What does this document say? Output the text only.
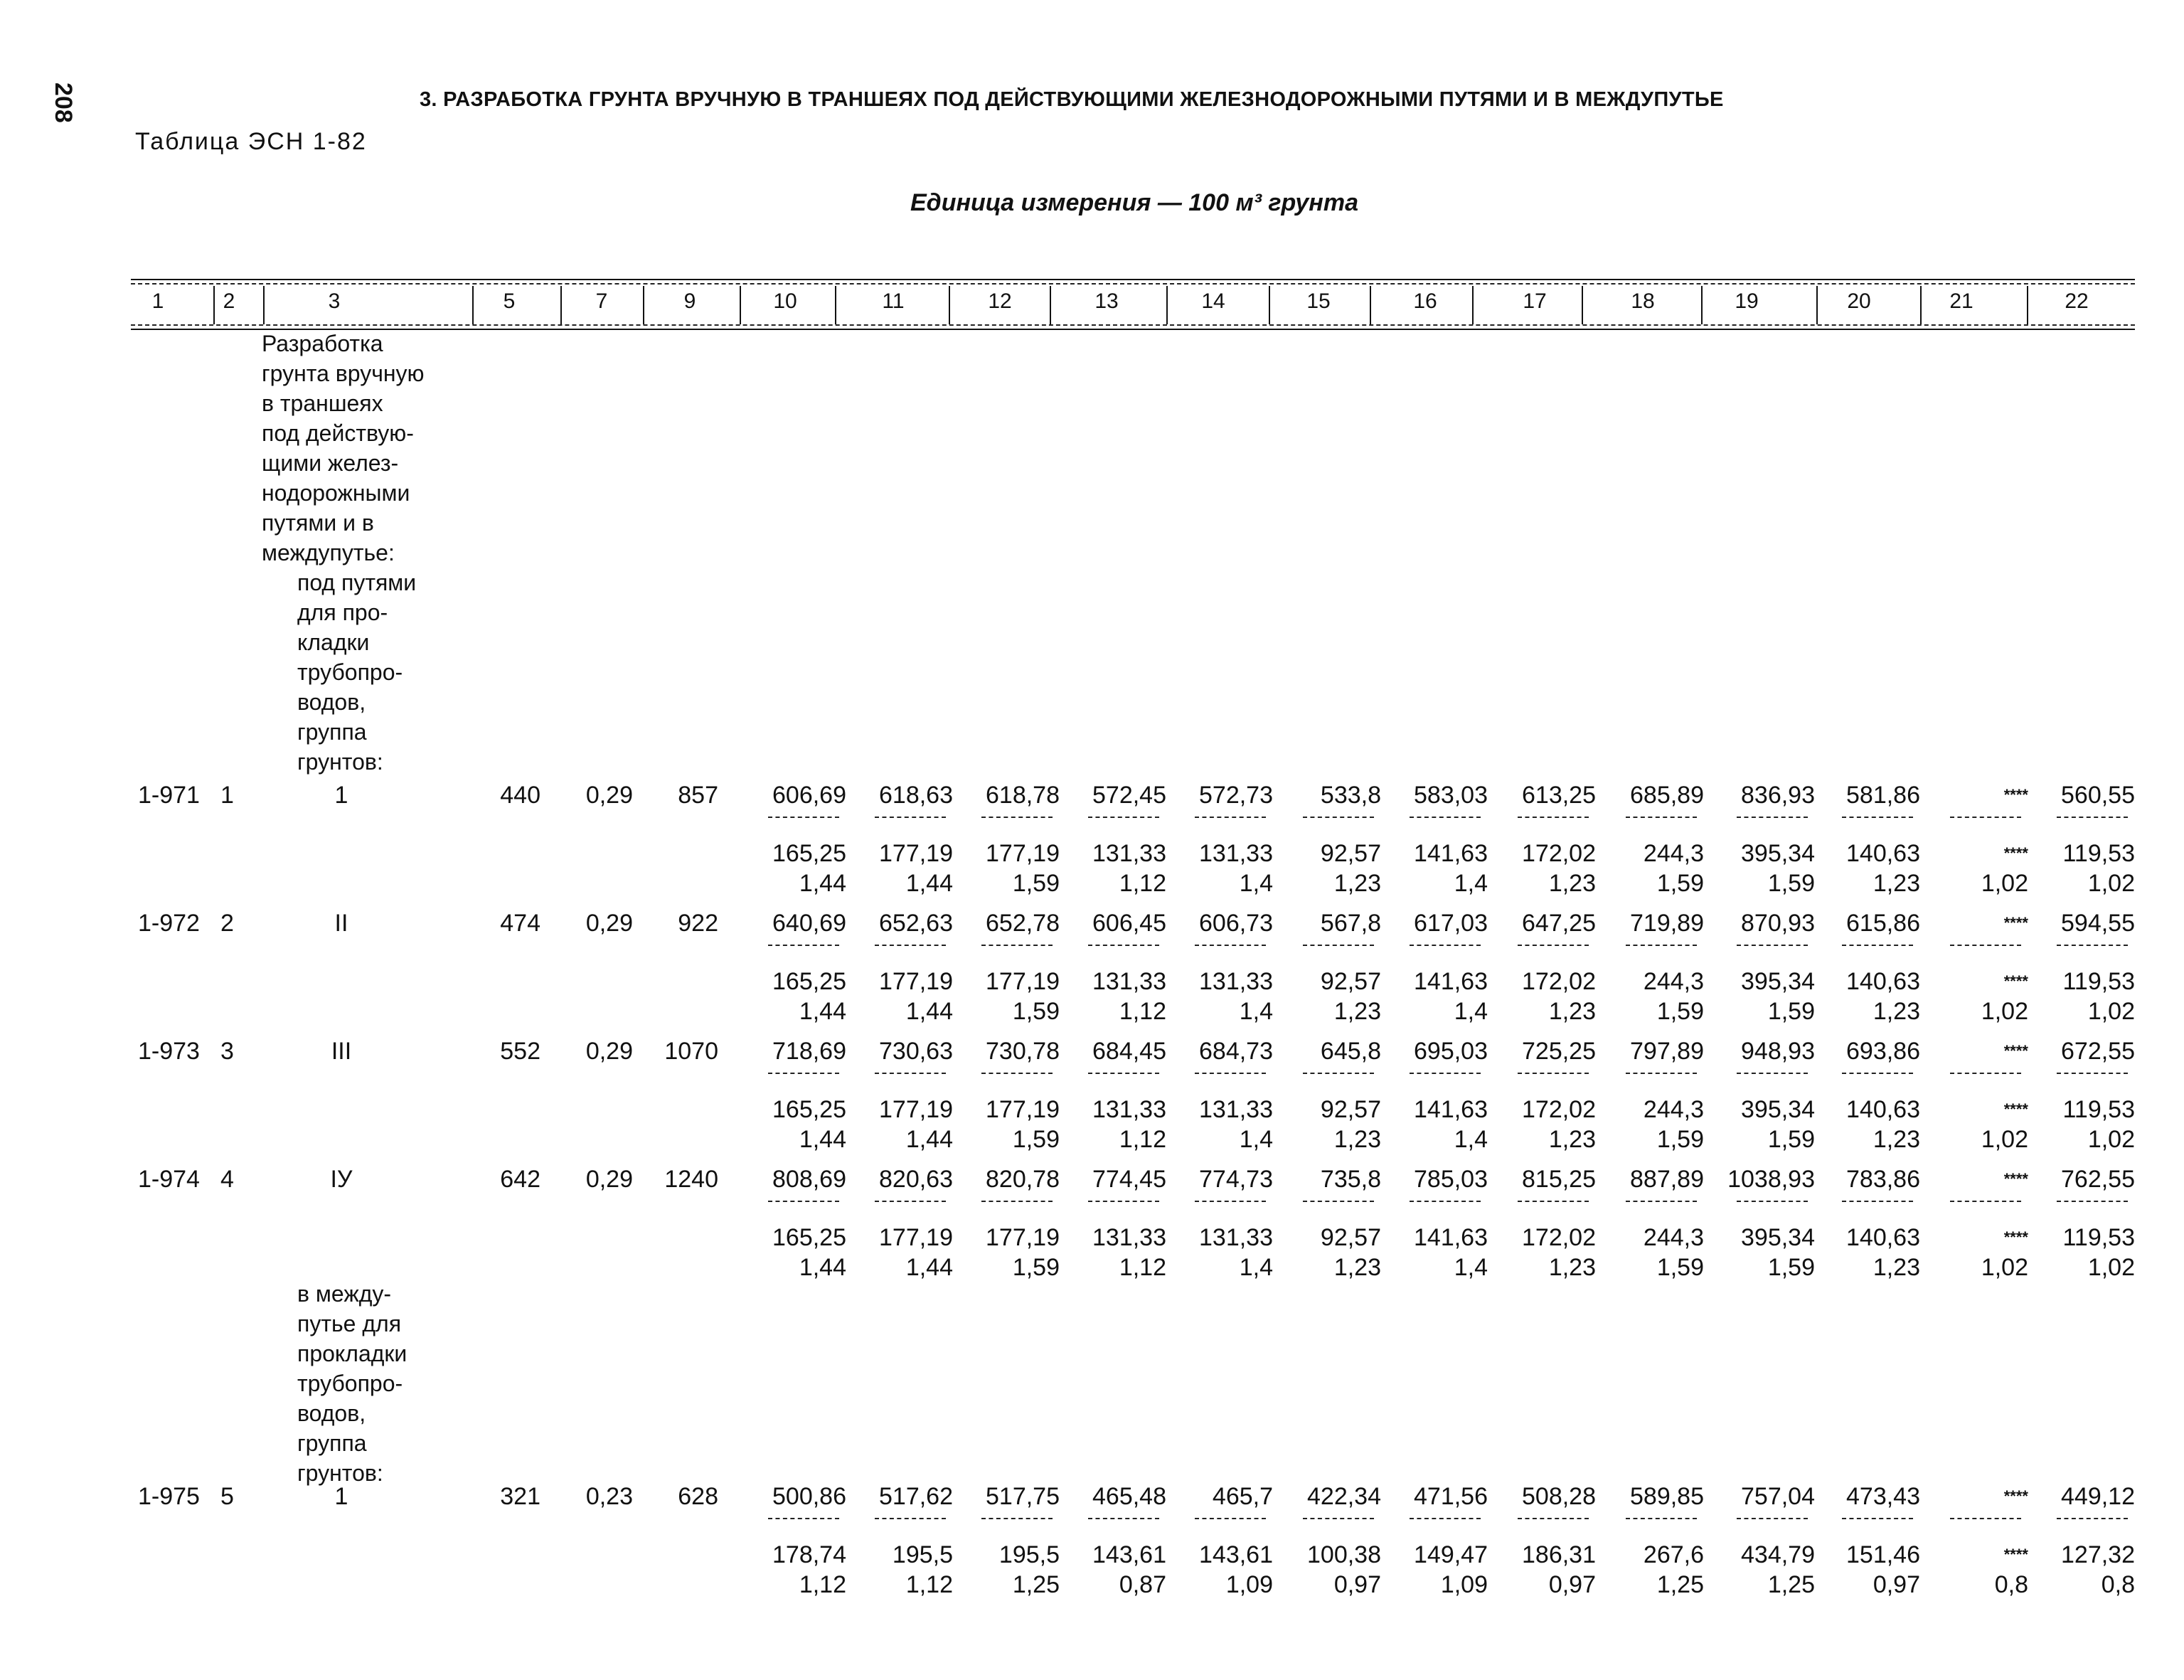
208	3. РАЗРАБОТКА ГРУНТА ВРУЧНУЮ В ТРАНШЕЯХ ПОД ДЕЙСТВУЮЩИМИ ЖЕЛЕЗНОДОРОЖНЫМИ ПУТЯМИ И В МЕЖДУПУТЬЕ
Таблица ЭСН 1-82
Единица измерения — 100 м³ грунта
1	2	3	5	7	9	10	11	12	13	14	15	16	17	18	19	20	21	22
Разработка
грунта вручную
в траншеях
под действую-
щими желез-
нодорожными
путями и в
междупутье:
под путями
для про-
кладки
трубопро-
водов,
группа
грунтов:
в между-
путье для
прокладки
трубопро-
водов,
группа
грунтов:
1-971 1	1	440	0,29	857	606,69	618,63	618,78	572,45	572,73	533,8	583,03	613,25	685,89	836,93	581,86	****	560,55
165,25	177,19	177,19	131,33	131,33	92,57	141,63	172,02	244,3	395,34	140,63	****	119,53
1,44	1,44	1,59	1,12	1,4	1,23	1,4	1,23	1,59	1,59	1,23	1,02	1,02
1-972 2	II	474	0,29	922	640,69	652,63	652,78	606,45	606,73	567,8	617,03	647,25	719,89	870,93	615,86	****	594,55
165,25	177,19	177,19	131,33	131,33	92,57	141,63	172,02	244,3	395,34	140,63	****	119,53
1,44	1,44	1,59	1,12	1,4	1,23	1,4	1,23	1,59	1,59	1,23	1,02	1,02
1-973 3	III	552	0,29	1070	718,69	730,63	730,78	684,45	684,73	645,8	695,03	725,25	797,89	948,93	693,86	****	672,55
165,25	177,19	177,19	131,33	131,33	92,57	141,63	172,02	244,3	395,34	140,63	****	119,53
1,44	1,44	1,59	1,12	1,4	1,23	1,4	1,23	1,59	1,59	1,23	1,02	1,02
1-974 4	IУ	642	0,29	1240	808,69	820,63	820,78	774,45	774,73	735,8	785,03	815,25	887,89 1038,93	783,86	****	762,55
165,25	177,19	177,19	131,33	131,33	92,57	141,63	172,02	244,3	395,34	140,63	****	119,53
1,44	1,44	1,59	1,12	1,4	1,23	1,4	1,23	1,59	1,59	1,23	1,02	1,02
1-975 5	1	321	0,23	628	500,86	517,62	517,75	465,48	465,7	422,34	471,56	508,28	589,85	757,04	473,43	****	449,12
178,74	195,5	195,5	143,61	143,61	100,38	149,47	186,31	267,6	434,79	151,46	****	127,32
1,12	1,12	1,25	0,87	1,09	0,97	1,09	0,97	1,25	1,25	0,97	0,8	0,8
